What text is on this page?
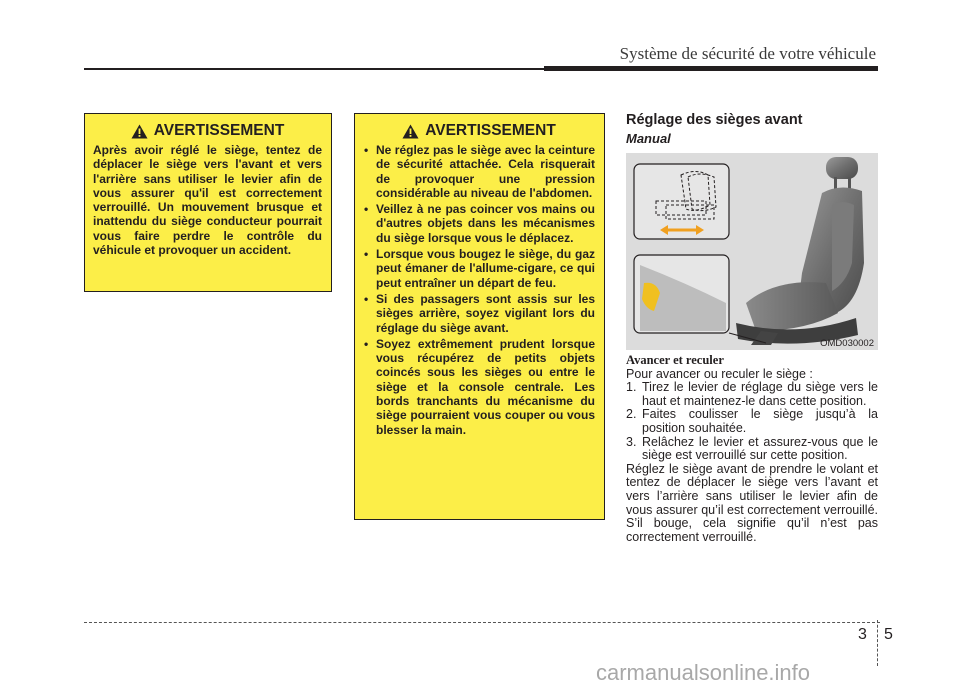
Système de sécurité de votre véhicule
AVERTISSEMENT

Après avoir réglé le siège, tentez de déplacer le siège vers l'avant et vers l'arrière sans utiliser le levier afin de vous assurer qu'il est correctement verrouillé. Un mouvement brusque et inattendu du siège conducteur pourrait vous faire perdre le contrôle du véhicule et provoquer un accident.

AVERTISSEMENT
• Ne réglez pas le siège avec la ceinture de sécurité attachée. Cela risquerait de provoquer une pression considérable au niveau de l'abdomen.
• Veillez à ne pas coincer vos mains ou d'autres objets dans les mécanismes du siège lorsque vous le déplacez.
• Lorsque vous bougez le siège, du gaz peut émaner de l'allume-cigare, ce qui peut entraîner un départ de feu.
• Si des passagers sont assis sur les sièges arrière, soyez vigilant lors du réglage du siège avant.
• Soyez extrêmement prudent lorsque vous récupérez de petits objets coincés sous les sièges ou entre le siège et la console centrale. Les bords tranchants du mécanisme du siège pourraient vous couper ou vous blesser la main.
Réglage des sièges avant
Manual
OMD030002
Avancer et reculer

Pour avancer ou reculer le siège :

1. Tirez le levier de réglage du siège vers le haut et maintenez-le dans cette position.
2. Faites coulisser le siège jusqu’à la position souhaitée.
3. Relâchez le levier et assurez-vous que le siège est verrouillé sur cette position.

Réglez le siège avant de prendre le volant et tentez de déplacer le siège vers l’avant et vers l’arrière sans utiliser le levier afin de vous assurer qu’il est correctement verrouillé. S’il bouge, cela signifie qu’il n’est pas correctement verrouillé.

3 5
carmanualsonline.info
